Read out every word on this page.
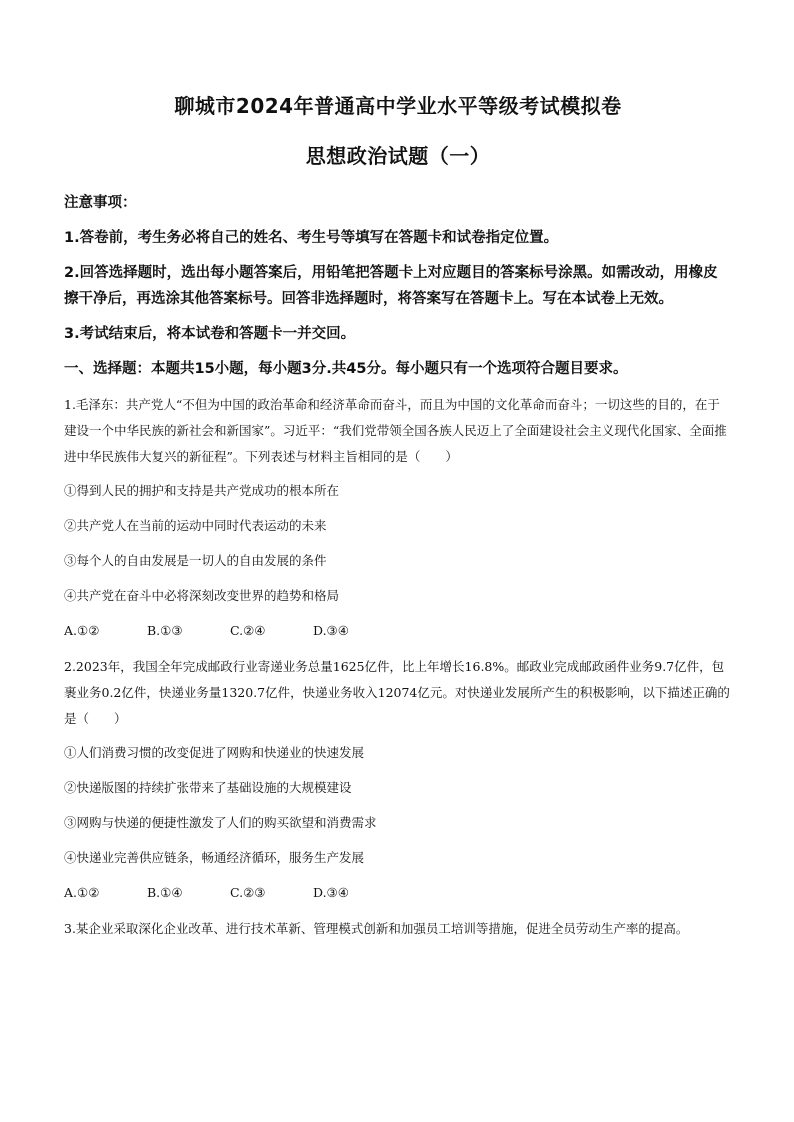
聊城市2024年普通高中学业水平等级考试模拟卷
思想政治试题（一）

注意事项：

1.答卷前，考生务必将自己的姓名、考生号等填写在答题卡和试卷指定位置。

2.回答选择题时，选出每小题答案后，用铅笔把答题卡上对应题目的答案标号涂黑。如需改动，用橡皮擦干净后，再选涂其他答案标号。回答非选择题时，将答案写在答题卡上。写在本试卷上无效。

3.考试结束后，将本试卷和答题卡一并交回。

一、选择题：本题共15小题，每小题3分.共45分。每小题只有一个选项符合题目要求。

1.毛泽东：共产党人“不但为中国的政治革命和经济革命而奋斗，而且为中国的文化革命而奋斗；一切这些的目的，在于建设一个中华民族的新社会和新国家”。习近平：“我们党带领全国各族人民迈上了全面建设社会主义现代化国家、全面推进中华民族伟大复兴的新征程”。下列表述与材料主旨相同的是（　　）

①得到人民的拥护和支持是共产党成功的根本所在

②共产党人在当前的运动中同时代表运动的未来

③每个人的自由发展是一切人的自由发展的条件

④共产党在奋斗中必将深刻改变世界的趋势和格局

A.①②	B.①③	C.②④	D.③④

2.2023年，我国全年完成邮政行业寄递业务总量1625亿件，比上年增长16.8%。邮政业完成邮政函件业务9.7亿件，包裹业务0.2亿件，快递业务量1320.7亿件，快递业务收入12074亿元。对快递业发展所产生的积极影响，以下描述正确的是（　　）

①人们消费习惯的改变促进了网购和快递业的快速发展

②快递版图的持续扩张带来了基础设施的大规模建设

③网购与快递的便捷性激发了人们的购买欲望和消费需求

④快递业完善供应链条，畅通经济循环，服务生产发展

A.①②	B.①④	C.②③	D.③④

3.某企业采取深化企业改革、进行技术革新、管理模式创新和加强员工培训等措施，促进全员劳动生产率的提高。
